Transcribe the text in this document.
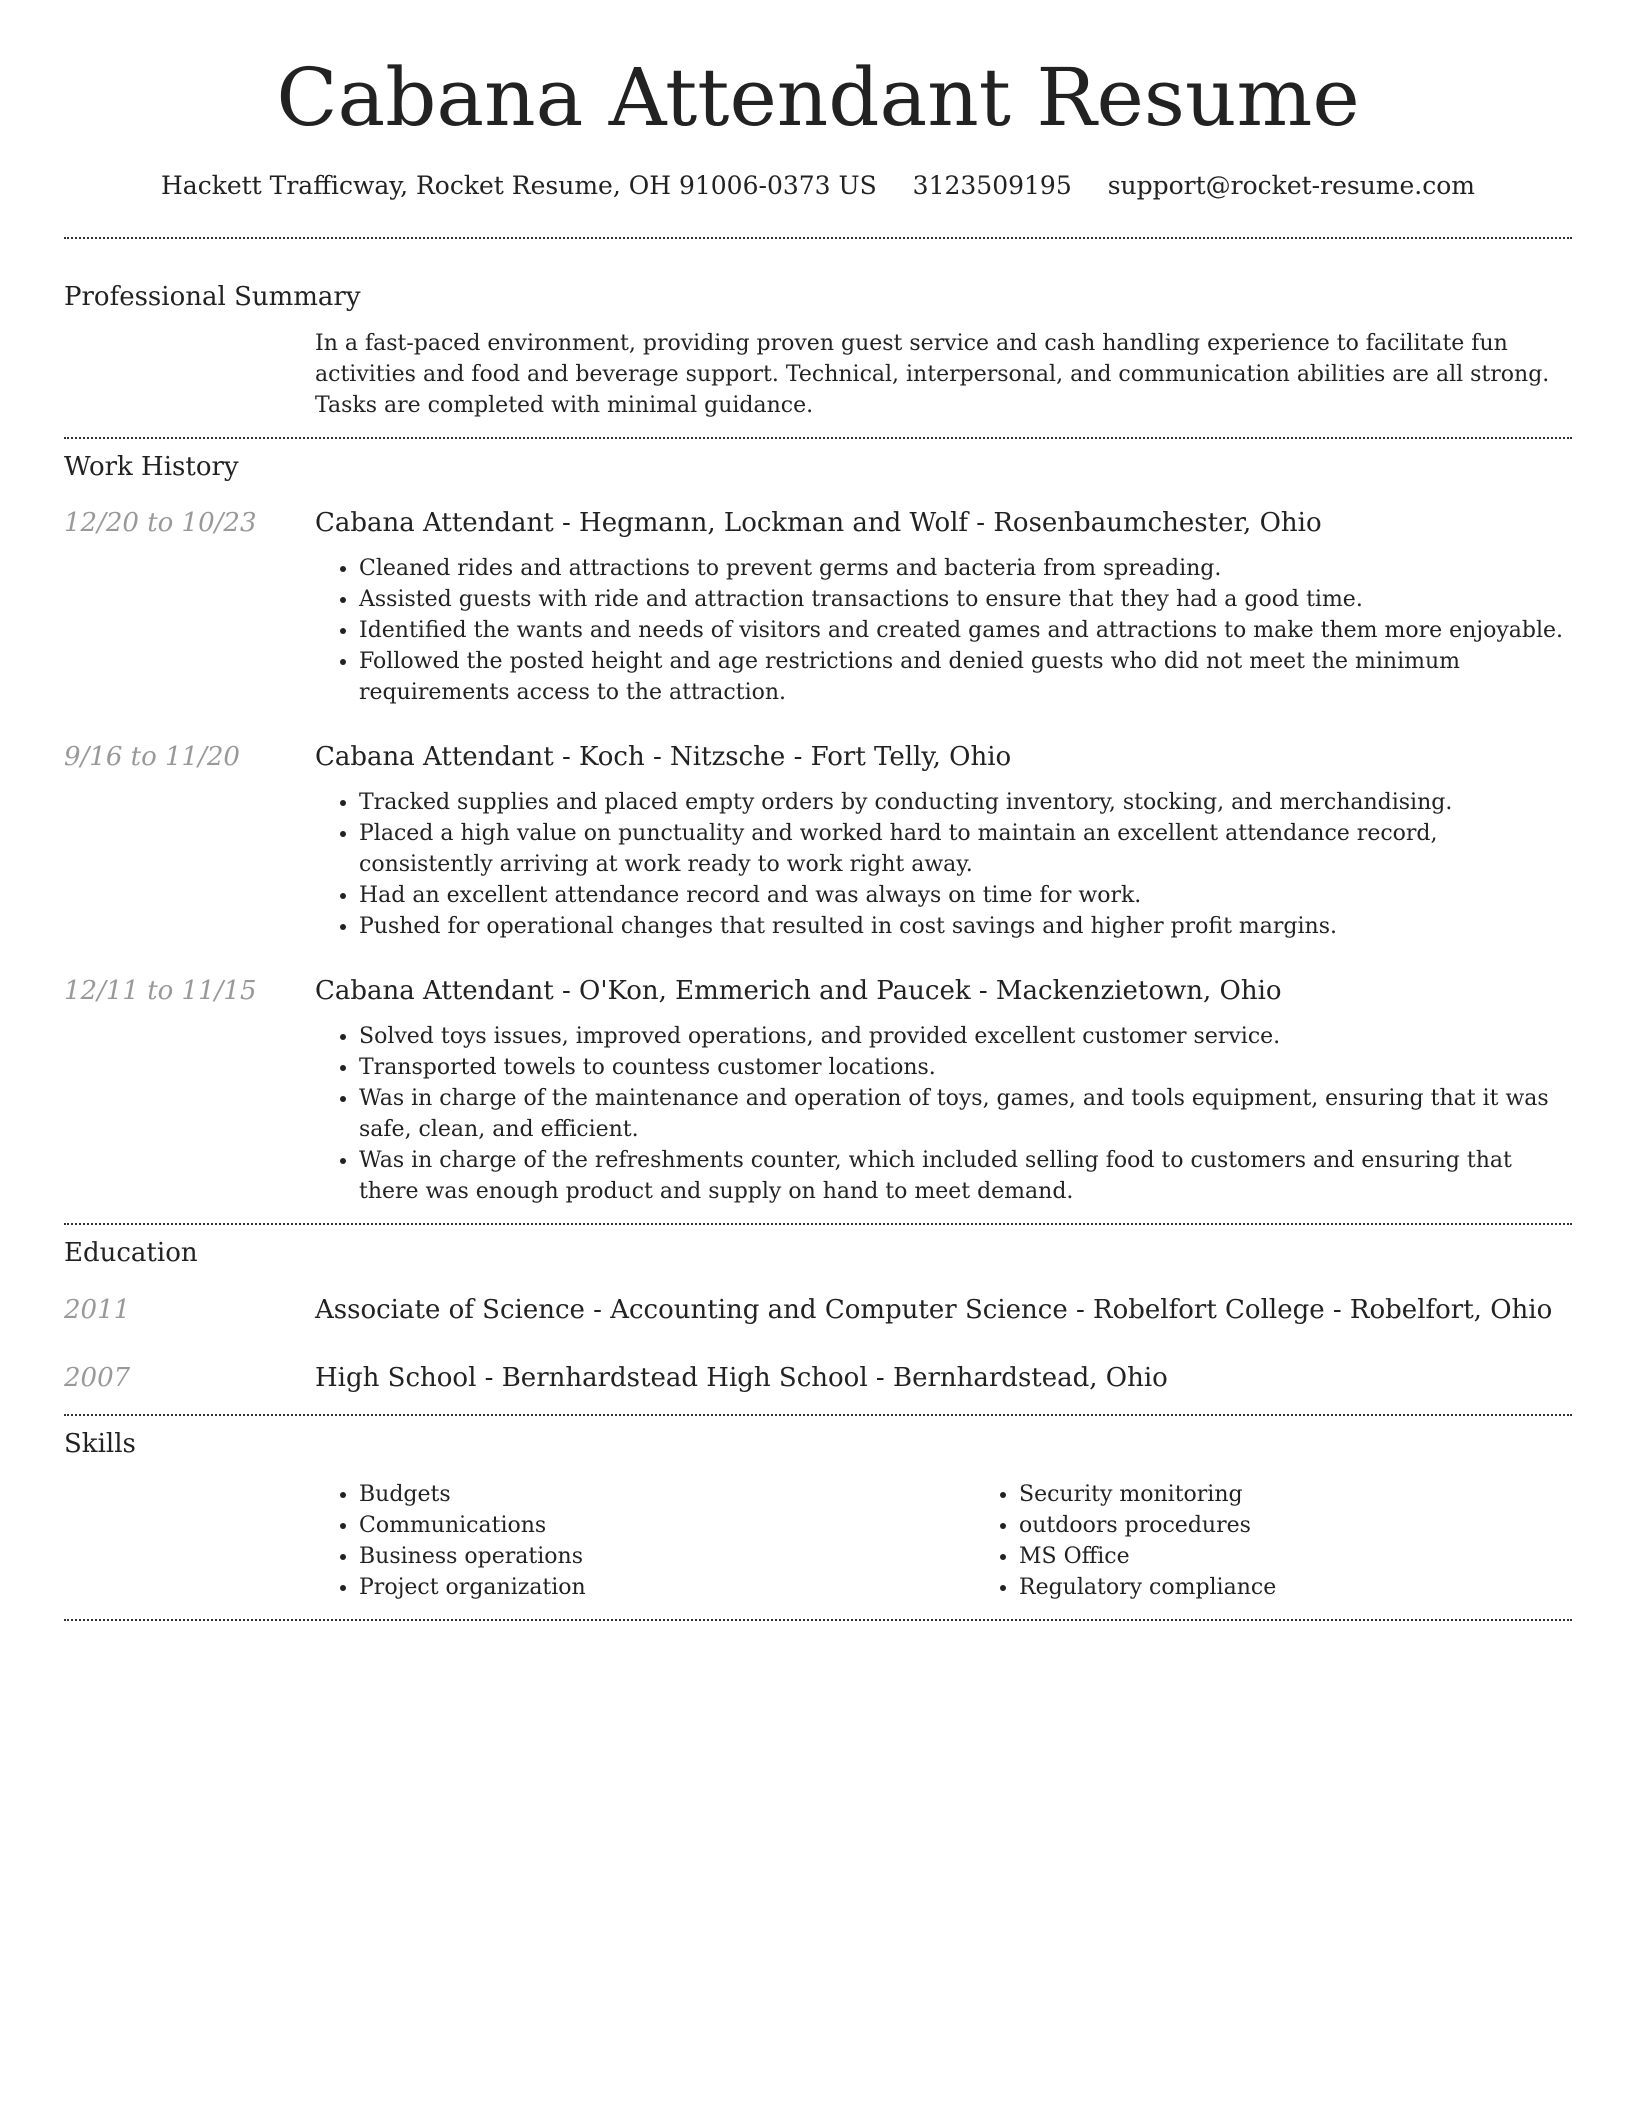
Cabana Attendant Resume
Hackett Trafficway, Rocket Resume, OH 91006-0373 US 3123509195 support@rocket-resume.com
Professional Summary
In a fast-paced environment, providing proven guest service and cash handling experience to facilitate fun activities and food and beverage support. Technical, interpersonal, and communication abilities are all strong. Tasks are completed with minimal guidance.
Work History
12/20 to 10/23	Cabana Attendant - Hegmann, Lockman and Wolf - Rosenbaumchester, Ohio
• Cleaned rides and attractions to prevent germs and bacteria from spreading.
• Assisted guests with ride and attraction transactions to ensure that they had a good time.
• Identified the wants and needs of visitors and created games and attractions to make them more enjoyable.
• Followed the posted height and age restrictions and denied guests who did not meet the minimum requirements access to the attraction.
9/16 to 11/20	Cabana Attendant - Koch - Nitzsche - Fort Telly, Ohio
• Tracked supplies and placed empty orders by conducting inventory, stocking, and merchandising.
• Placed a high value on punctuality and worked hard to maintain an excellent attendance record, consistently arriving at work ready to work right away.
• Had an excellent attendance record and was always on time for work.
• Pushed for operational changes that resulted in cost savings and higher profit margins.
12/11 to 11/15	Cabana Attendant - O'Kon, Emmerich and Paucek - Mackenzietown, Ohio
• Solved toys issues, improved operations, and provided excellent customer service.
• Transported towels to countess customer locations.
• Was in charge of the maintenance and operation of toys, games, and tools equipment, ensuring that it was safe, clean, and efficient.
• Was in charge of the refreshments counter, which included selling food to customers and ensuring that there was enough product and supply on hand to meet demand.
Education
2011	Associate of Science - Accounting and Computer Science - Robelfort College - Robelfort, Ohio
2007	High School - Bernhardstead High School - Bernhardstead, Ohio
Skills
• Budgets
• Communications
• Business operations
• Project organization
• Security monitoring
• outdoors procedures
• MS Office
• Regulatory compliance
